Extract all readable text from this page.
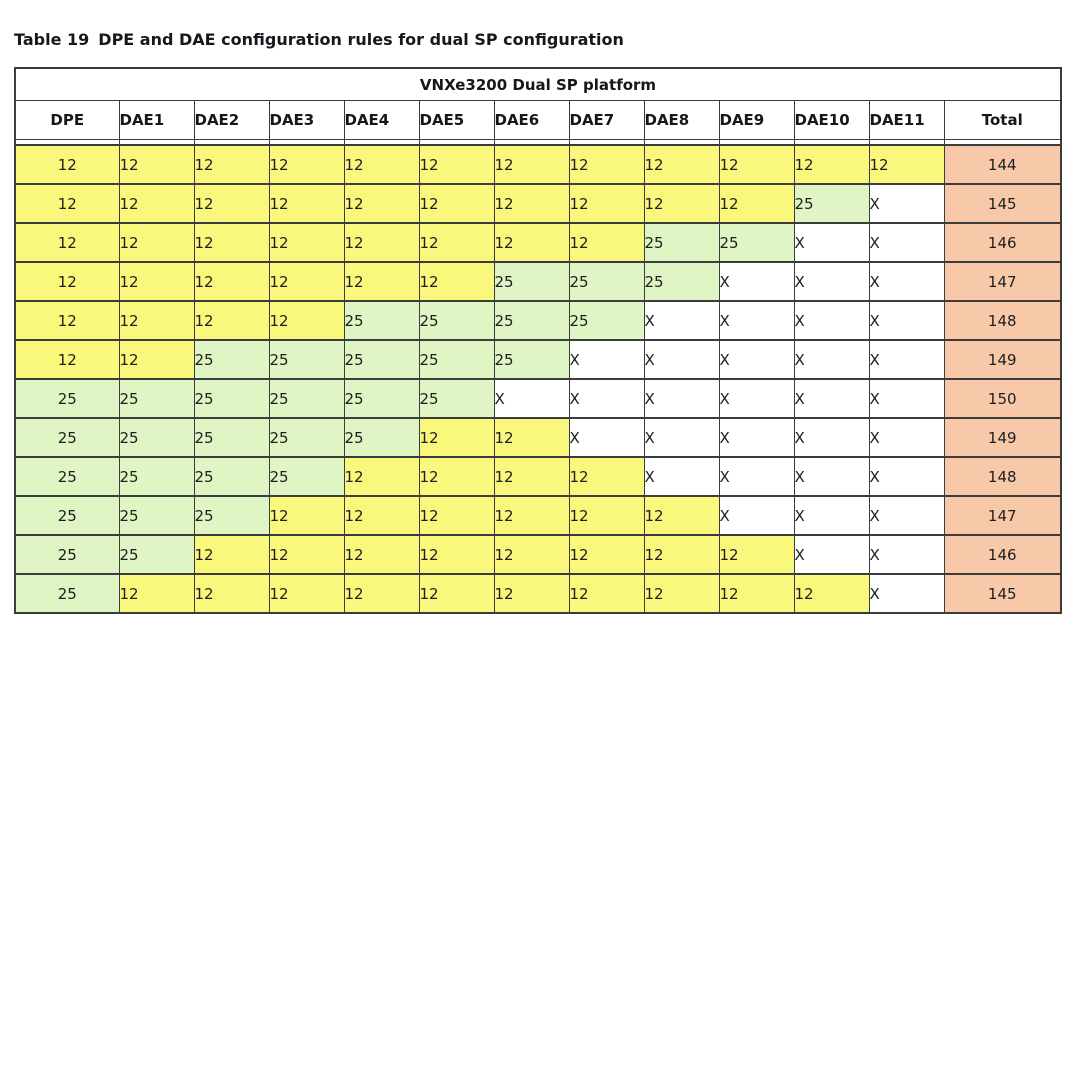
Table 19 DPE and DAE configuration rules for dual SP configuration
VNXe3200 Dual SP platform												
DPE	DAE1	DAE2	DAE3	DAE4	DAE5	DAE6	DAE7	DAE8	DAE9	DAE10	DAE11	Total

12	12	12	12	12	12	12	12	12	12	12	12	144
12	12	12	12	12	12	12	12	12	12	25	X	145
12	12	12	12	12	12	12	12	25	25	X	X	146
12	12	12	12	12	12	25	25	25	X	X	X	147
12	12	12	12	25	25	25	25	X	X	X	X	148
12	12	25	25	25	25	25	X	X	X	X	X	149
25	25	25	25	25	25	X	X	X	X	X	X	150
25	25	25	25	25	12	12	X	X	X	X	X	149
25	25	25	25	12	12	12	12	X	X	X	X	148
25	25	25	12	12	12	12	12	12	X	X	X	147
25	25	12	12	12	12	12	12	12	12	X	X	146
25	12	12	12	12	12	12	12	12	12	12	X	145
